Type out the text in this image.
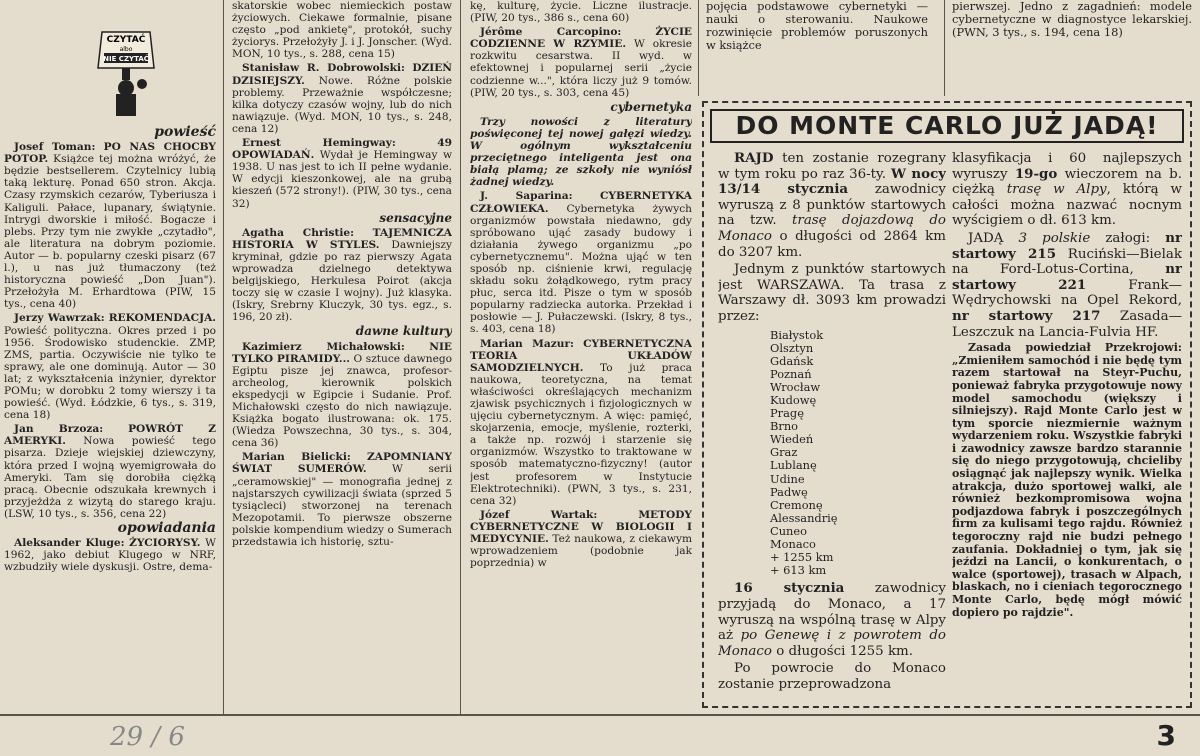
CZYTAĆ
albo
NIE CZYTAĆ
powieść

Josef Toman: PO NAS CHOCBY POTOP. Książce tej można wróżyć, że będzie bestsellerem. Czytelnicy lubią taką lekturę. Ponad 650 stron. Akcja. Czasy rzymskich cezarów, Tyberiusza i Kaliguli. Pałace, lupanary, świątynie. Intrygi dworskie i miłość. Bogacze i plebs. Przy tym nie zwykłe „czytadło", ale literatura na dobrym poziomie. Autor — b. popularny czeski pisarz (67 l.), u nas już tłumaczony (też historyczna powieść „Don Juan"). Przełożyła M. Erhardtowa (PIW, 15 tys., cena 40)

Jerzy Wawrzak: REKOMENDACJA. Powieść polityczna. Okres przed i po 1956. Środowisko studenckie. ZMP, ZMS, partia. Oczywiście nie tylko te sprawy, ale one dominują. Autor — 30 lat; z wykształcenia inżynier, dyrektor POMu; w dorobku 2 tomy wierszy i ta powieść. (Wyd. Łódzkie, 6 tys., s. 319, cena 18)

Jan Brzoza: POWRÓT Z AMERYKI. Nowa powieść tego pisarza. Dzieje wiejskiej dziewczyny, która przed I wojną wyemigrowała do Ameryki. Tam się dorobiła ciężką pracą. Obecnie odszukała krewnych i przyjeżdża z wizytą do starego kraju. (LSW, 10 tys., s. 356, cena 22)

opowiadania

Aleksander Kluge: ŻYCIORYSY. W 1962, jako debiut Klugego w NRF, wzbudziły wiele dyskusji. Ostre, dema-

skatorskie wobec niemieckich postaw życiowych. Ciekawe formalnie, pisane często „pod ankietę", protokół, suchy życiorys. Przełożyły J. i J. Jonscher. (Wyd. MON, 10 tys., s. 288, cena 15)

Stanisław R. Dobrowolski: DZIEŃ DZISIEJSZY. Nowe. Różne polskie problemy. Przeważnie współczesne; kilka dotyczy czasów wojny, lub do nich nawiązuje. (Wyd. MON, 10 tys., s. 248, cena 12)

Ernest Hemingway:	49 OPOWIADAŃ. Wydał je Hemingway w 1938. U nas jest to ich II pełne wydanie. W edycji kieszonkowej, ale na grubą kieszeń (572 strony!). (PIW, 30 tys., cena 32)

sensacyjne

Agatha Christie: TAJEMNICZA HISTORIA W STYLES. Dawniejszy kryminał, gdzie po raz pierwszy Agata wprowadza dzielnego detektywa belgijskiego, Herkulesa Poirot (akcja toczy się w czasie I wojny). Już klasyka. (Iskry, Srebrny Kluczyk, 30 tys. egz., s. 196, 20 zł).

dawne kultury

Kazimierz Michałowski: NIE TYLKO PIRAMIDY... O sztuce dawnego Egiptu pisze jej znawca, profesor-archeolog, kierownik polskich ekspedycji w Egipcie i Sudanie. Prof. Michałowski często do nich nawiązuje. Książka bogato ilustrowana: ok. 175. (Wiedza Powszechna, 30 tys., s. 304, cena 36)

Marian Bielicki: ZAPOMNIANY ŚWIAT SUMERÓW. W serii „ceramowskiej" — monografia jednej z najstarszych cywilizacji świata (sprzed 5 tysiącleci) stworzonej na terenach Mezopotamii. To pierwsze obszerne polskie kompendium wiedzy o Sumerach przedstawia ich historię, sztu-

kę, kulturę, życie. Liczne ilustracje. (PIW, 20 tys., 386 s., cena 60)

Jérôme Carcopino:	ŻYCIE CODZIENNE W RZYMIE. W okresie rozkwitu cesarstwa. II wyd. w efektownej i popularnej serii „życie codzienne w...", która liczy już 9 tomów. (PIW, 20 tys., s. 303, cena 45)

cybernetyka

Trzy nowości z literatury poświęconej tej nowej gałęzi wiedzy. W ogólnym wykształceniu przeciętnego inteligenta jest ona białą plamą; ze szkoły nie wyniósł żadnej wiedzy.

J. Saparina:	CYBERNETYKA CZŁOWIEKA. Cybernetyka żywych organizmów powstała niedawno, gdy spróbowano ująć zasady budowy i działania żywego organizmu „po cybernetycznemu". Można ująć w ten sposób np. ciśnienie krwi, regulację składu soku żołądkowego, rytm pracy płuc, serca itd. Pisze o tym w sposób popularny radziecka autorka. Przekład i posłowie — J. Pułaczewski. (Iskry, 8 tys., s. 403, cena 18)

Marian Mazur: CYBERNETYCZNA TEORIA UKŁADÓW SAMODZIELNYCH. To już praca naukowa, teoretyczna, na temat właściwości określających mechanizm zjawisk psychicznych i fizjologicznych w ujęciu cybernetycznym. A więc: pamięć, skojarzenia, emocje, myślenie, rozterki, a także np. rozwój i starzenie się organizmów. Wszystko to traktowane w sposób matematyczno-fizyczny! (autor jest profesorem w Instytucie Elektrotechniki). (PWN, 3 tys., s. 231, cena 32)

Józef Wartak:	METODY CYBERNETYCZNE W BIOLOGII I MEDYCYNIE. Też naukowa, z ciekawym wprowadzeniem (podobnie jak poprzednia) w

pojęcia podstawowe cybernetyki — nauki o sterowaniu. Naukowe rozwinięcie problemów poruszonych w książce

pierwszej. Jedno z zagadnień: modele cybernetyczne w diagnostyce lekarskiej. (PWN, 3 tys., s. 194, cena 18)

DO MONTE CARLO JUŻ JADĄ!

RAJD ten zostanie rozegrany w tym roku po raz 36-ty. W nocy 13/14 stycznia zawodnicy wyruszą z 8 punktów startowych na tzw. trasę dojazdową do Monaco o długości od 2864 km do 3207 km.

Jednym z punktów startowych jest WARSZAWA. Ta trasa z Warszawy dł. 3093 km prowadzi przez:

Białystok
Olsztyn
Gdańsk
Poznań
Wrocław
Kudowę
Pragę
Brno
Wiedeń
Graz
Lublanę
Udine
Padwę
Cremonę
Alessandrię
Cuneo
Monaco
+ 1255 km
+ 613 km

16 stycznia zawodnicy przyjadą do Monaco, a 17 wyruszą na wspólną trasę w Alpy aż po Genewę i z powrotem do Monaco o długości 1255 km.

Po powrocie do Monaco zostanie przeprowadzona

klasyfikacja i 60 najlepszych wyruszy 19-go wieczorem na b. ciężką trasę w Alpy, którą w całości można nazwać nocnym wyścigiem o dł. 613 km.

JADĄ 3 polskie załogi: nr startowy 215 Ruciński—Bielak na Ford-Lotus-Cortina, nr startowy 221 Frank—Wędrychowski na Opel Rekord, nr startowy 217 Zasada—Leszczuk na Lancia-Fulvia HF.

Zasada powiedział Przekrojowi: „Zmieniłem samochód i nie będę tym razem startował na Steyr-Puchu, ponieważ fabryka przygotowuje nowy model samochodu (większy i silniejszy). Rajd Monte Carlo jest w tym sporcie niezmiernie ważnym wydarzeniem roku. Wszystkie fabryki i zawodnicy zawsze bardzo starannie się do niego przygotowują, chcieliby osiągnąć jak najlepszy wynik. Wielka atrakcja, dużo sportowej walki, ale również bezkompromisowa wojna podjazdowa fabryk i poszczególnych firm za kulisami tego rajdu. Również tegoroczny rajd nie budzi pełnego zaufania. Dokładniej o tym, jak się jeździ na Lancii, o konkurentach, o walce (sportowej), trasach w Alpach, blaskach, no i cieniach tegorocznego Monte Carlo, będę mógł mówić dopiero po rajdzie".

29 / 6	3
